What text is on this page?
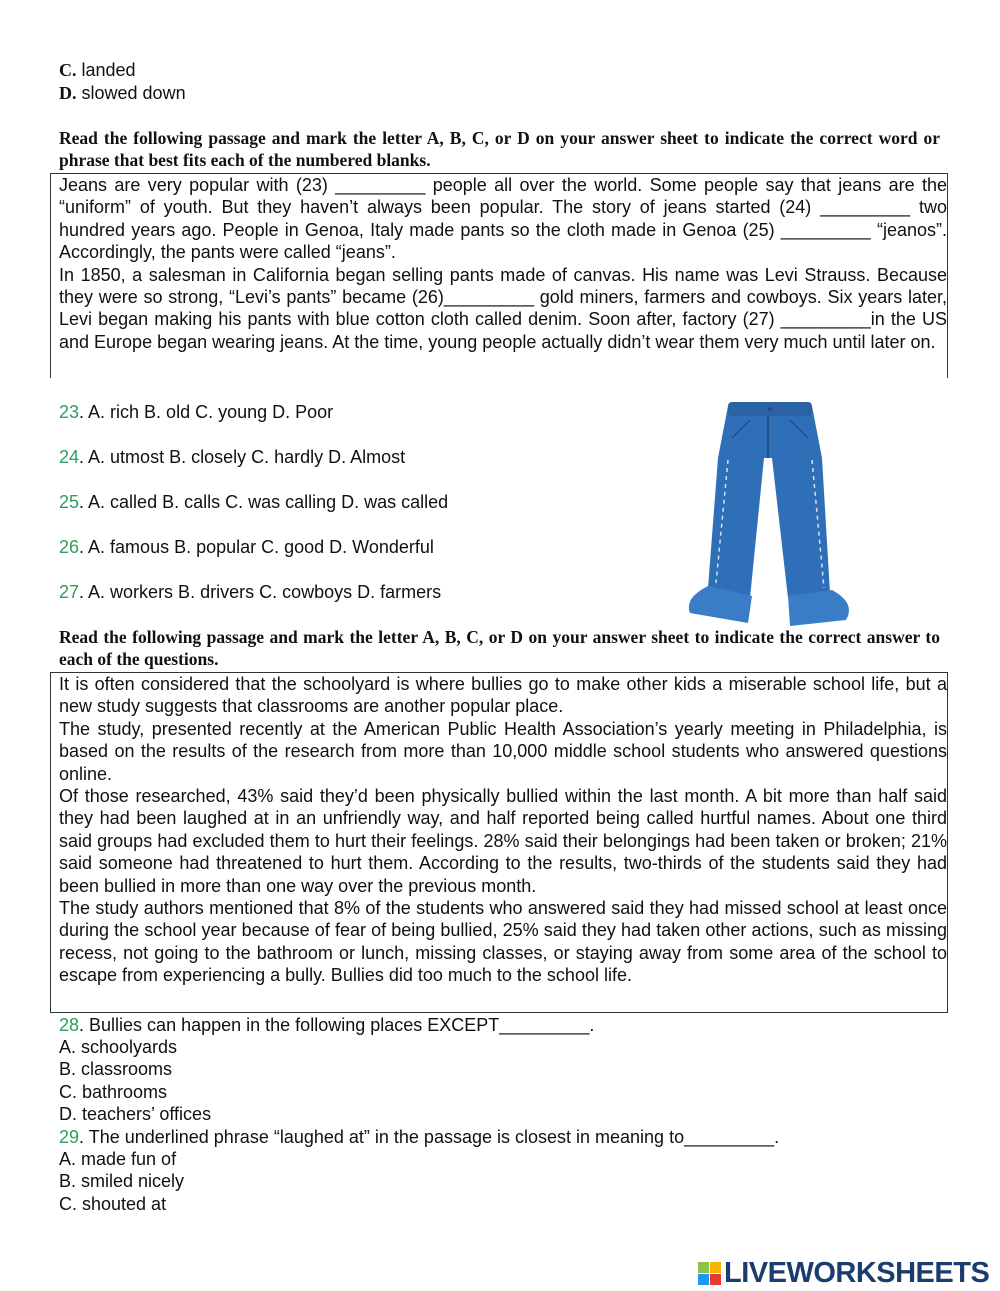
C. landed
D. slowed down
Read the following passage and mark the letter A, B, C, or D on your answer sheet to indicate the correct word or phrase that best fits each of the numbered blanks.

Jeans are very popular with (23) _________ people all over the world. Some people say that jeans are the “uniform” of youth. But they haven’t always been popular. The story of jeans started (24) _________ two hundred years ago. People in Genoa, Italy made pants so the cloth made in Genoa (25) _________ “jeanos”. Accordingly, the pants were called “jeans”.

In 1850, a salesman in California began selling pants made of canvas. His name was Levi Strauss. Because they were so strong, “Levi’s pants” became (26)_________ gold miners, farmers and cowboys. Six years later, Levi began making his pants with blue cotton cloth called denim. Soon after, factory (27) _________in the US and Europe began wearing jeans. At the time, young people actually didn’t wear them very much until later on.

23. A. rich B. old C. young D. Poor
24. A. utmost B. closely C. hardly D. Almost
25. A. called B. calls C. was calling D. was called
26. A. famous B. popular C. good D. Wonderful
27. A. workers B. drivers C. cowboys D. farmers
Read the following passage and mark the letter A, B, C, or D on your answer sheet to indicate the correct answer to each of the questions.

It is often considered that the schoolyard is where bullies go to make other kids a miserable school life, but a new study suggests that classrooms are another popular place.

The study, presented recently at the American Public Health Association’s yearly meeting in Philadelphia, is based on the results of the research from more than 10,000 middle school students who answered questions online.

Of those researched, 43% said they’d been physically bullied within the last month. A bit more than half said they had been laughed at in an unfriendly way, and half reported being called hurtful names. About one third said groups had excluded them to hurt their feelings. 28% said their belongings had been taken or broken; 21% said someone had threatened to hurt them. According to the results, two-thirds of the students said they had been bullied in more than one way over the previous month.

The study authors mentioned that 8% of the students who answered said they had missed school at least once during the school year because of fear of being bullied, 25% said they had taken other actions, such as missing recess, not going to the bathroom or lunch, missing classes, or staying away from some area of the school to escape from experiencing a bully. Bullies did too much to the school life.

28. Bullies can happen in the following places EXCEPT_________.
A. schoolyards
B. classrooms
C. bathrooms
D. teachers’ offices
29. The underlined phrase “laughed at” in the passage is closest in meaning to_________.
A. made fun of
B. smiled nicely
C. shouted at
LIVEWORKSHEETS
